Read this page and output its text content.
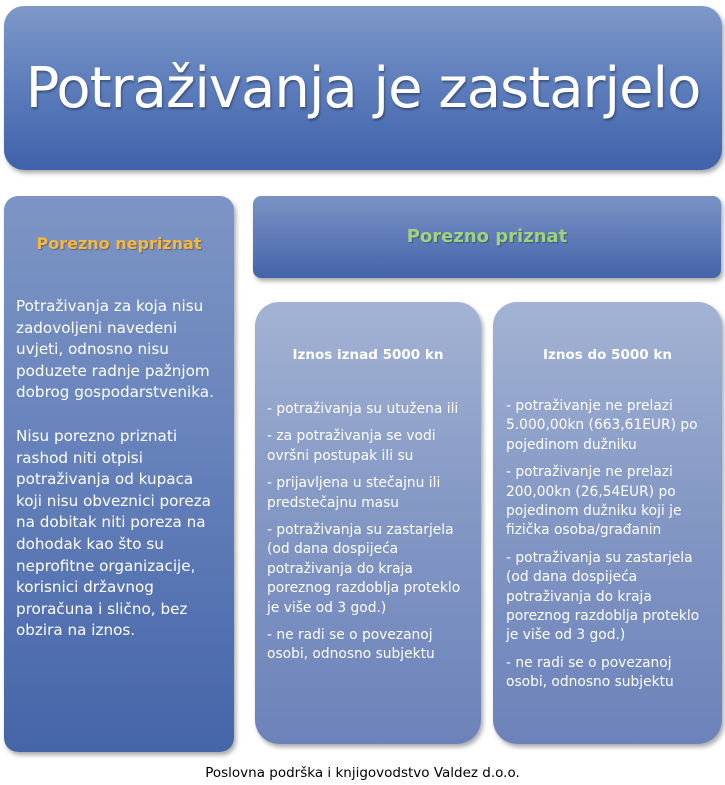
Potraživanja je zastarjelo
Porezno nepriznat

Potraživanja za koja nisu zadovoljeni navedeni uvjeti, odnosno nisu poduzete radnje pažnjom dobrog gospodarstvenika.

Nisu porezno priznati rashod niti otpisi potraživanja od kupaca koji nisu obveznici poreza na dobitak niti poreza na dohodak kao što su neprofitne organizacije, korisnici državnog proračuna i slično, bez obzira na iznos.

Porezno priznat
Iznos iznad 5000 kn
- potraživanja su utužena ili
- za potraživanja se vodi ovršni postupak ili su
- prijavljena u stečajnu ili predstečajnu masu
- potraživanja su zastarjela (od dana dospijeća potraživanja do kraja poreznog razdoblja proteklo je više od 3 god.)
- ne radi se o povezanoj osobi, odnosno subjektu
Iznos do 5000 kn
- potraživanje ne prelazi 5.000,00kn (663,61EUR) po pojedinom dužniku
- potraživanje ne prelazi 200,00kn (26,54EUR) po pojedinom dužniku koji je fizička osoba/građanin
- potraživanja su zastarjela (od dana dospijeća potraživanja do kraja poreznog razdoblja proteklo je više od 3 god.)
- ne radi se o povezanoj osobi, odnosno subjektu
Poslovna podrška i knjigovodstvo Valdez d.o.o.
